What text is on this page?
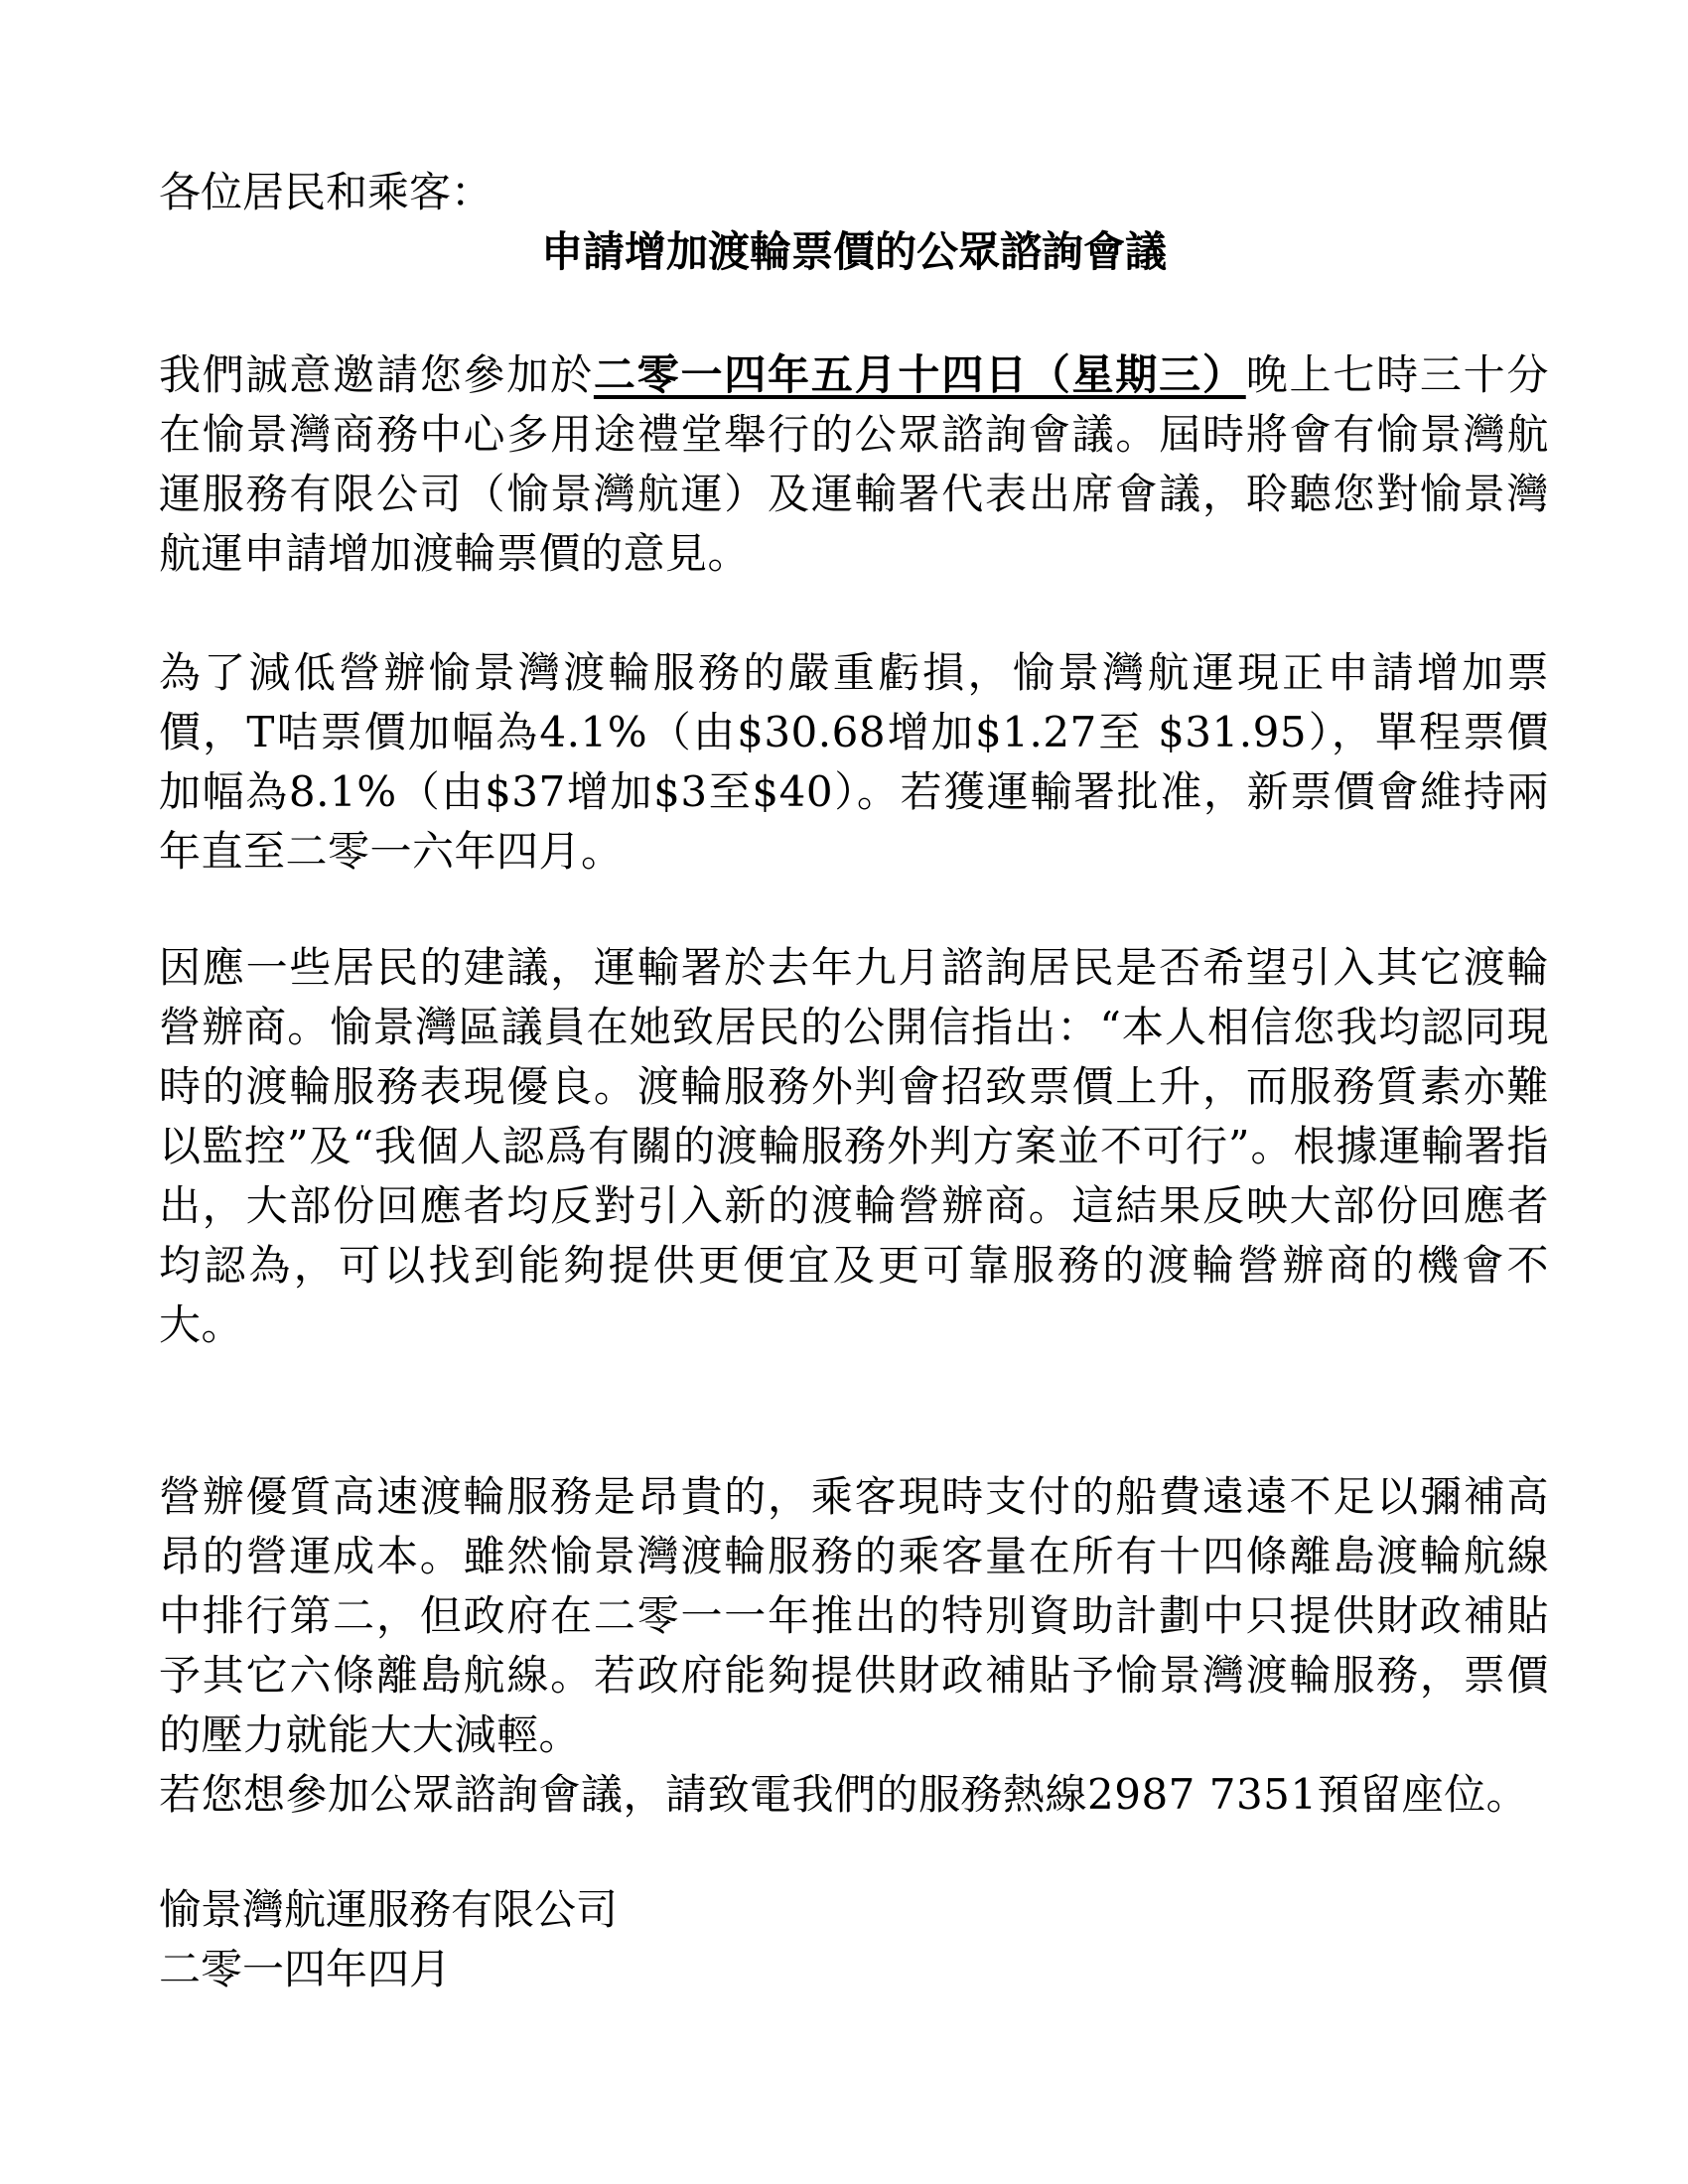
各位居民和乘客：

申請增加渡輪票價的公眾諮詢會議

我們誠意邀請您參加於二零一四年五月十四日（星期三）晚上七時三十分在愉景灣商務中心多用途禮堂舉行的公眾諮詢會議。屆時將會有愉景灣航運服務有限公司（愉景灣航運）及運輸署代表出席會議，聆聽您對愉景灣航運申請增加渡輪票價的意見。

為了減低營辦愉景灣渡輪服務的嚴重虧損，愉景灣航運現正申請增加票價，T咭票價加幅為4.1%（由$30.68增加$1.27至 $31.95），單程票價加幅為8.1%（由$37增加$3至$40）。若獲運輸署批准，新票價會維持兩年直至二零一六年四月。

因應一些居民的建議，運輸署於去年九月諮詢居民是否希望引入其它渡輪營辦商。愉景灣區議員在她致居民的公開信指出：“本人相信您我均認同現時的渡輪服務表現優良。渡輪服務外判會招致票價上升，而服務質素亦難以監控”及“我個人認爲有關的渡輪服務外判方案並不可行”。根據運輸署指出，大部份回應者均反對引入新的渡輪營辦商。這結果反映大部份回應者均認為，可以找到能夠提供更便宜及更可靠服務的渡輪營辦商的機會不大。

營辦優質高速渡輪服務是昂貴的，乘客現時支付的船費遠遠不足以彌補高昂的營運成本。雖然愉景灣渡輪服務的乘客量在所有十四條離島渡輪航線中排行第二，但政府在二零一一年推出的特別資助計劃中只提供財政補貼予其它六條離島航線。若政府能夠提供財政補貼予愉景灣渡輪服務，票價的壓力就能大大減輕。

若您想參加公眾諮詢會議，請致電我們的服務熱線2987 7351預留座位。

愉景灣航運服務有限公司

二零一四年四月
